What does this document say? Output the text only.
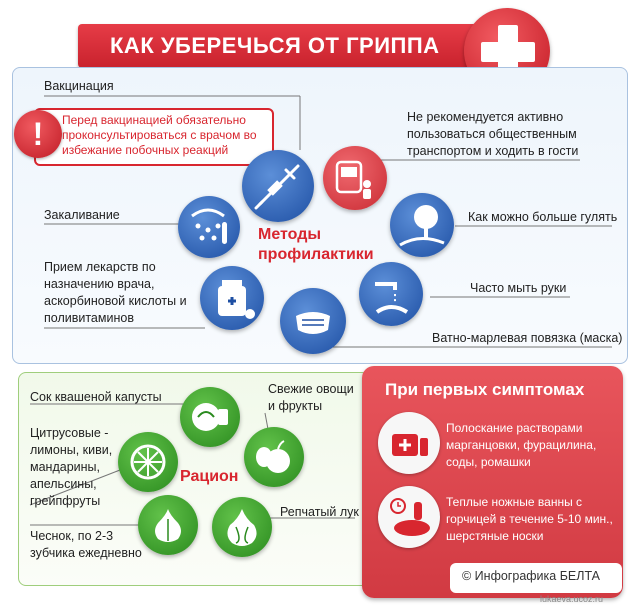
КАК УБЕРЕЧЬСЯ ОТ ГРИППА
Вакцинация
Перед вакцинацией обязательно проконсультироваться с врачом во избежание побочных реакций
!
Закаливание
Прием лекарств по назначению врача, аскорбиновой кислоты и поливитаминов
Не рекомендуется активно пользоваться общественным транспортом и ходить в гости
Как можно больше гулять
Часто мыть руки
Ватно-марлевая повязка (маска)
Методы профилактики
Сок квашеной капусты
Свежие овощи и фрукты
Цитрусовые - лимоны, киви, мандарины, апельсины, грейпфруты
Чеснок, по 2-3 зубчика ежедневно
Репчатый лук
Рацион
При первых симптомах
Полоскание растворами марганцовки, фурацилина, соды, ромашки
Теплые ножные ванны с горчицей в течение 5-10 мин., шерстяные носки
© Инфографика БЕЛТА
lukaeva.ucoz.ru
